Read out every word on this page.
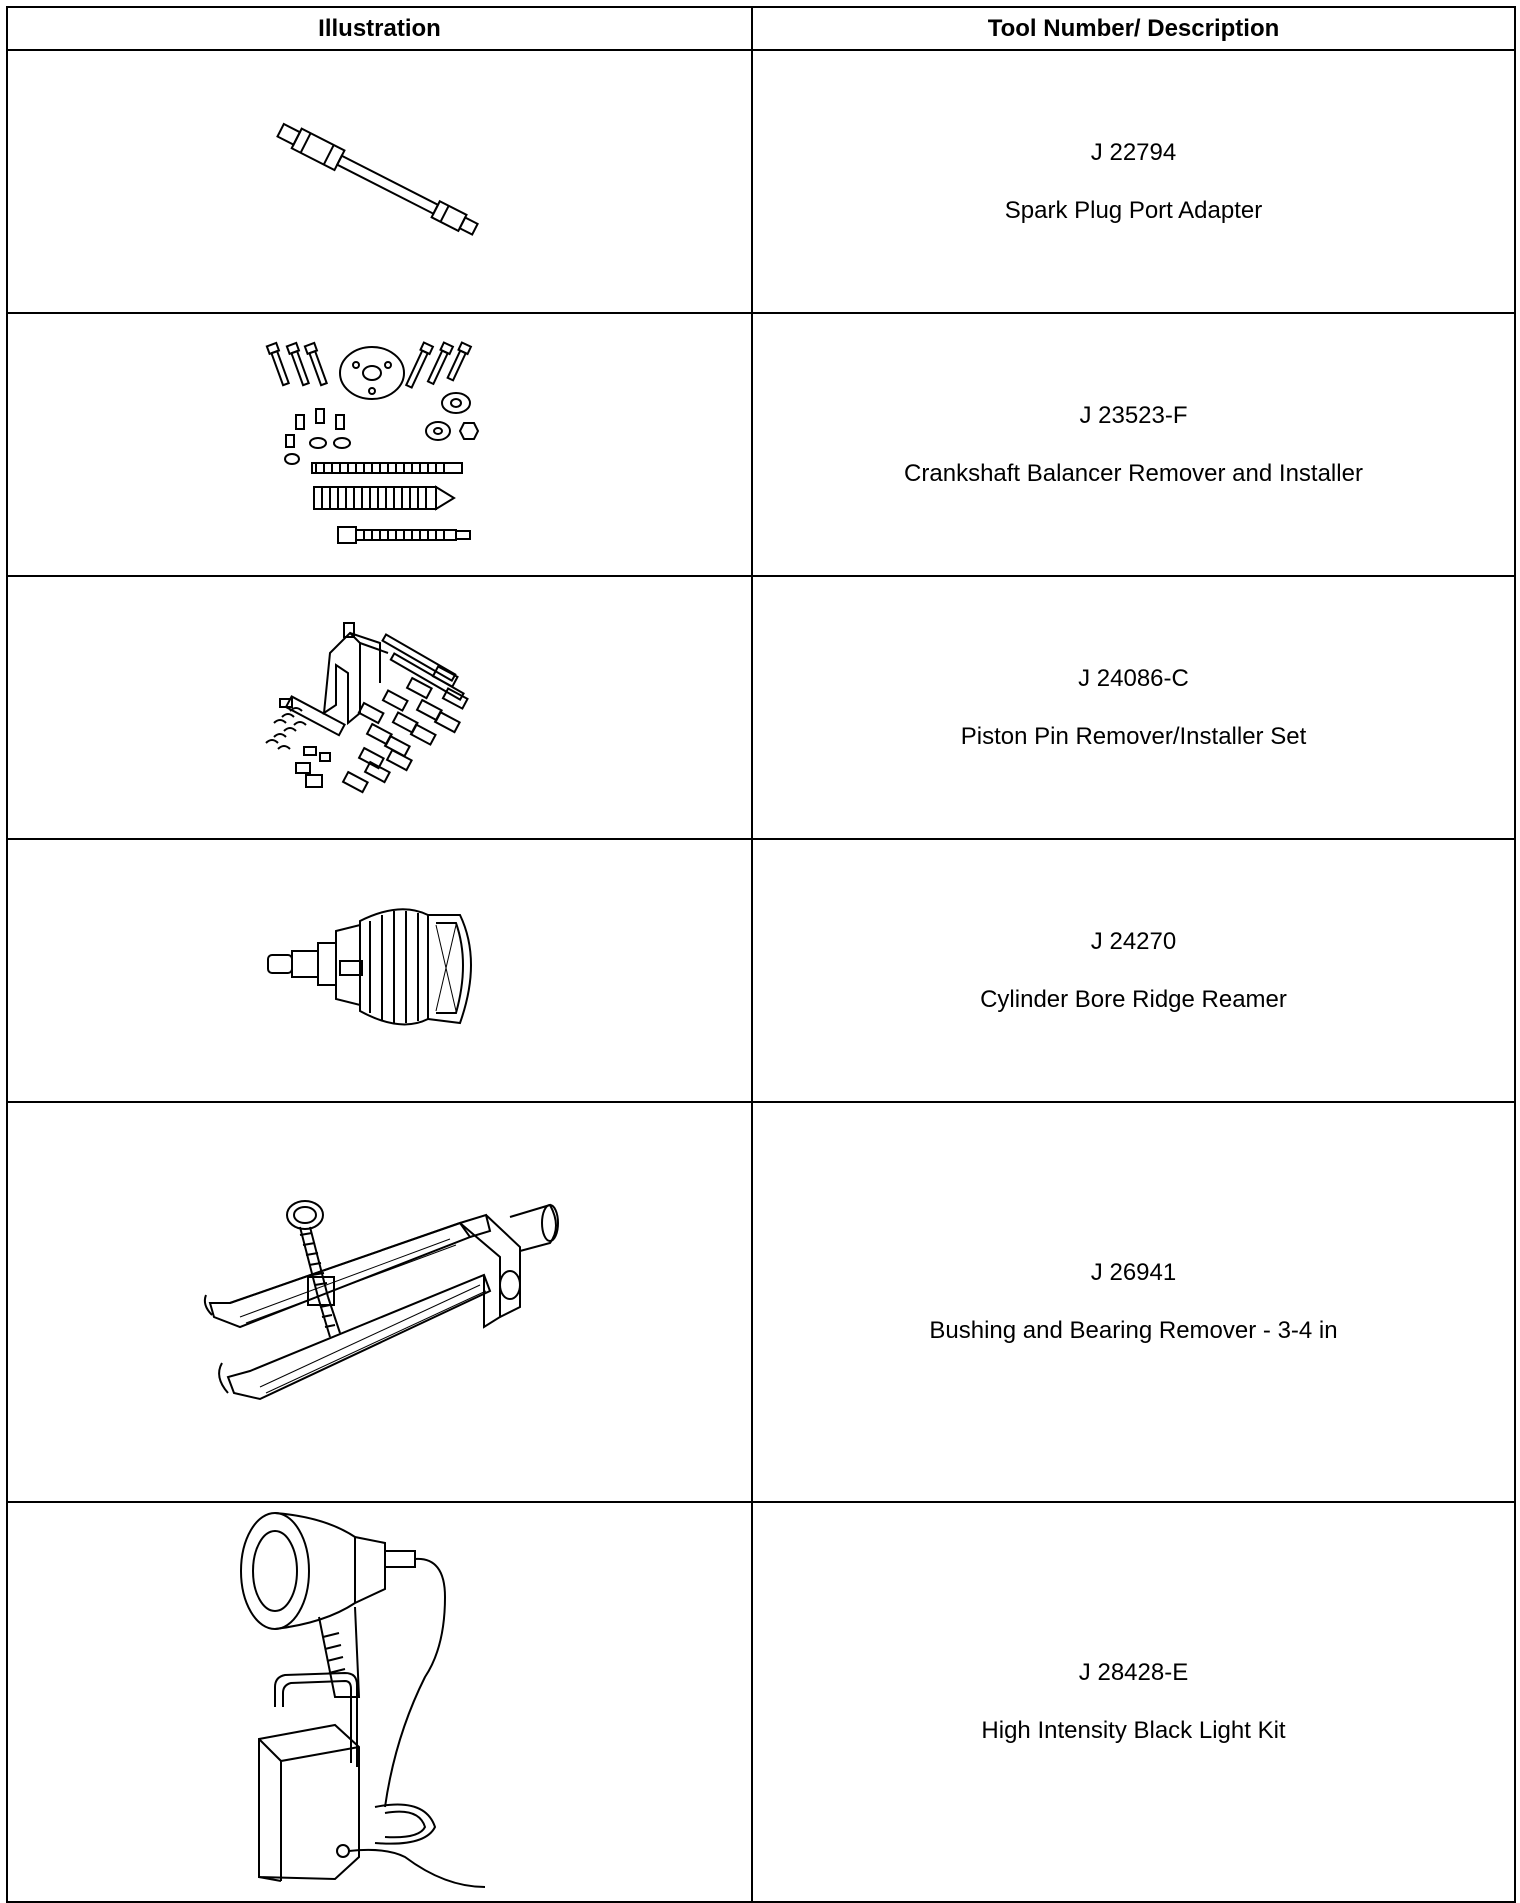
Illustration	Tool Number/ Description

J 22794
Spark Plug Port Adapter

J 23523-F
Crankshaft Balancer Remover and Installer

J 24086-C
Piston Pin Remover/Installer Set

J 24270
Cylinder Bore Ridge Reamer

J 26941
Bushing and Bearing Remover - 3-4 in

J 28428-E
High Intensity Black Light Kit
